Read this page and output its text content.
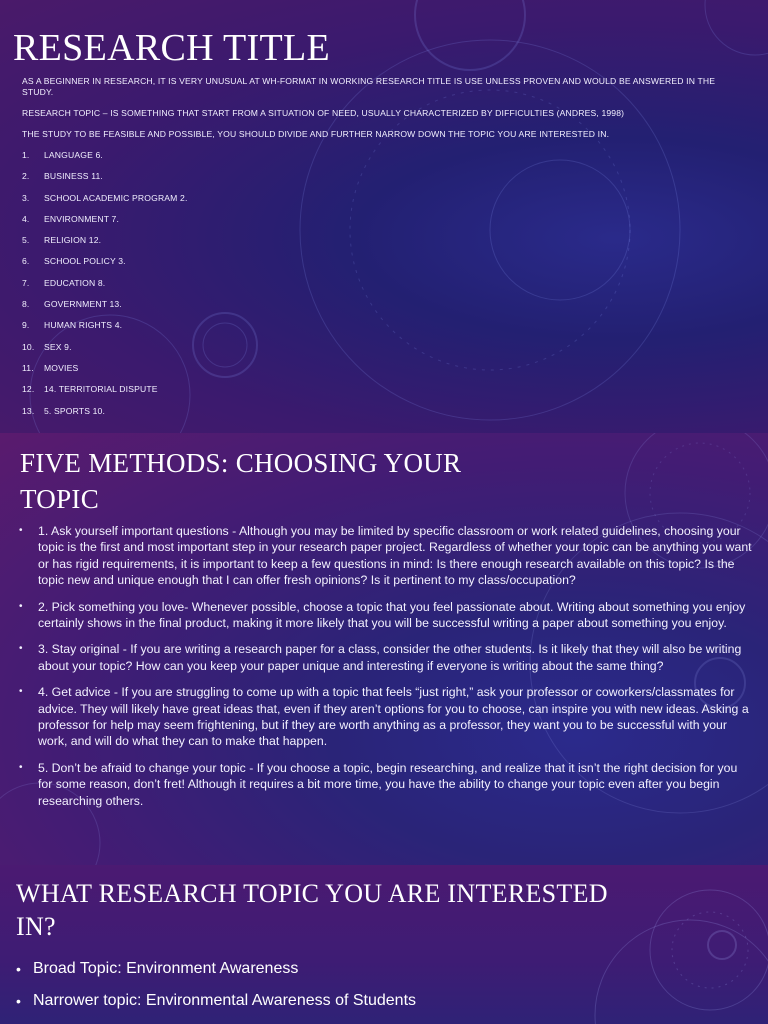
RESEARCH TITLE

AS A BEGINNER IN RESEARCH, IT IS VERY UNUSUAL AT WH-FORMAT IN WORKING RESEARCH TITLE IS USE UNLESS PROVEN AND WOULD BE ANSWERED IN THE STUDY.

RESEARCH TOPIC – IS SOMETHING THAT START FROM A SITUATION OF NEED, USUALLY CHARACTERIZED BY DIFFICULTIES (ANDRES, 1998)

THE STUDY TO BE FEASIBLE AND POSSIBLE, YOU SHOULD DIVIDE AND FURTHER NARROW DOWN THE TOPIC YOU ARE INTERESTED IN.

1.	LANGUAGE 6.
2.	BUSINESS 11.
3.	SCHOOL ACADEMIC PROGRAM 2.
4.	ENVIRONMENT 7.
5.	RELIGION 12.
6.	SCHOOL POLICY 3.
7.	EDUCATION 8.
8.	GOVERNMENT 13.
9.	HUMAN RIGHTS 4.
10.	SEX 9.
11.	MOVIES
12.	14. TERRITORIAL DISPUTE
13.	5. SPORTS 10.
FIVE METHODS: CHOOSING YOUR
TOPIC
• 1. Ask yourself important questions - Although you may be limited by specific classroom or work related guidelines, choosing your topic is the first and most important step in your research paper project. Regardless of whether your topic can be anything you want or has rigid requirements, it is important to keep a few questions in mind: Is there enough research available on this topic? Is the topic new and unique enough that I can offer fresh opinions? Is it pertinent to my class/occupation?
• 2. Pick something you love- Whenever possible, choose a topic that you feel passionate about. Writing about something you enjoy certainly shows in the final product, making it more likely that you will be successful writing a paper about something you enjoy.
• 3. Stay original - If you are writing a research paper for a class, consider the other students. Is it likely that they will also be writing about your topic? How can you keep your paper unique and interesting if everyone is writing about the same thing?
• 4. Get advice - If you are struggling to come up with a topic that feels “just right,” ask your professor or coworkers/classmates for advice. They will likely have great ideas that, even if they aren’t options for you to choose, can inspire you with new ideas. Asking a professor for help may seem frightening, but if they are worth anything as a professor, they want you to be successful with your work, and will do what they can to make that happen.
• 5. Don’t be afraid to change your topic - If you choose a topic, begin researching, and realize that it isn’t the right decision for you for some reason, don’t fret! Although it requires a bit more time, you have the ability to change your topic even after you begin researching others.
WHAT RESEARCH TOPIC YOU ARE INTERESTED
IN?
• Broad Topic: Environment Awareness
• Narrower topic: Environmental Awareness of Students
